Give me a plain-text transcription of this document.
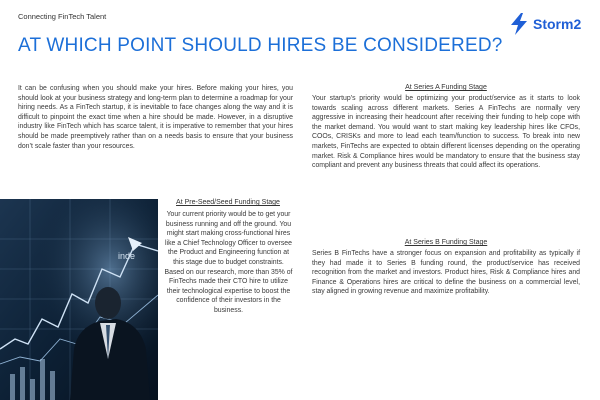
Connecting FinTech Talent	Storm2
AT WHICH POINT SHOULD HIRES BE CONSIDERED?
It can be confusing when you should make your hires. Before making your hires, you should look at your business strategy and long-term plan to determine a roadmap for your hiring needs. As a FinTech startup, it is inevitable to face changes along the way and it is difficult to pinpoint the exact time when a hire should be made. However, in a disruptive industry like FinTech which has scarce talent, it is imperative to remember that your hires should be made preemptively rather than on a needs basis to ensure that your business don’t scale faster than your resources.
inde
At Pre-Seed/Seed Funding Stage
Your current priority would be to get your business running and off the ground. You might start making cross-functional hires like a Chief Technology Officer to oversee the Product and Engineering function at this stage due to budget constraints. Based on our research, more than 35% of FinTechs made their CTO hire to utilize their technological expertise to boost the confidence of their investors in the business.
At Series A Funding Stage
Your startup’s priority would be optimizing your product/service as it starts to look towards scaling across different markets. Series A FinTechs are normally very aggressive in increasing their headcount after receiving their funding to help cope with the market demand. You would want to start making key leadership hires like CFOs, COOs, CRISKs and more to lead each team/function to success. To break into new markets, FinTechs are expected to obtain different licenses depending on the operating market. Risk & Compliance hires would be mandatory to ensure that the business stay compliant and prevent any business threats that could affect its operations.
At Series B Funding Stage
Series B FinTechs have a stronger focus on expansion and profitability as typically if they had made it to Series B funding round, the product/service has received recognition from the market and investors. Product hires, Risk & Compliance hires and Finance & Operations hires are critical to define the business on a commercial level, stay aligned in growing revenue and maximize profitability.
